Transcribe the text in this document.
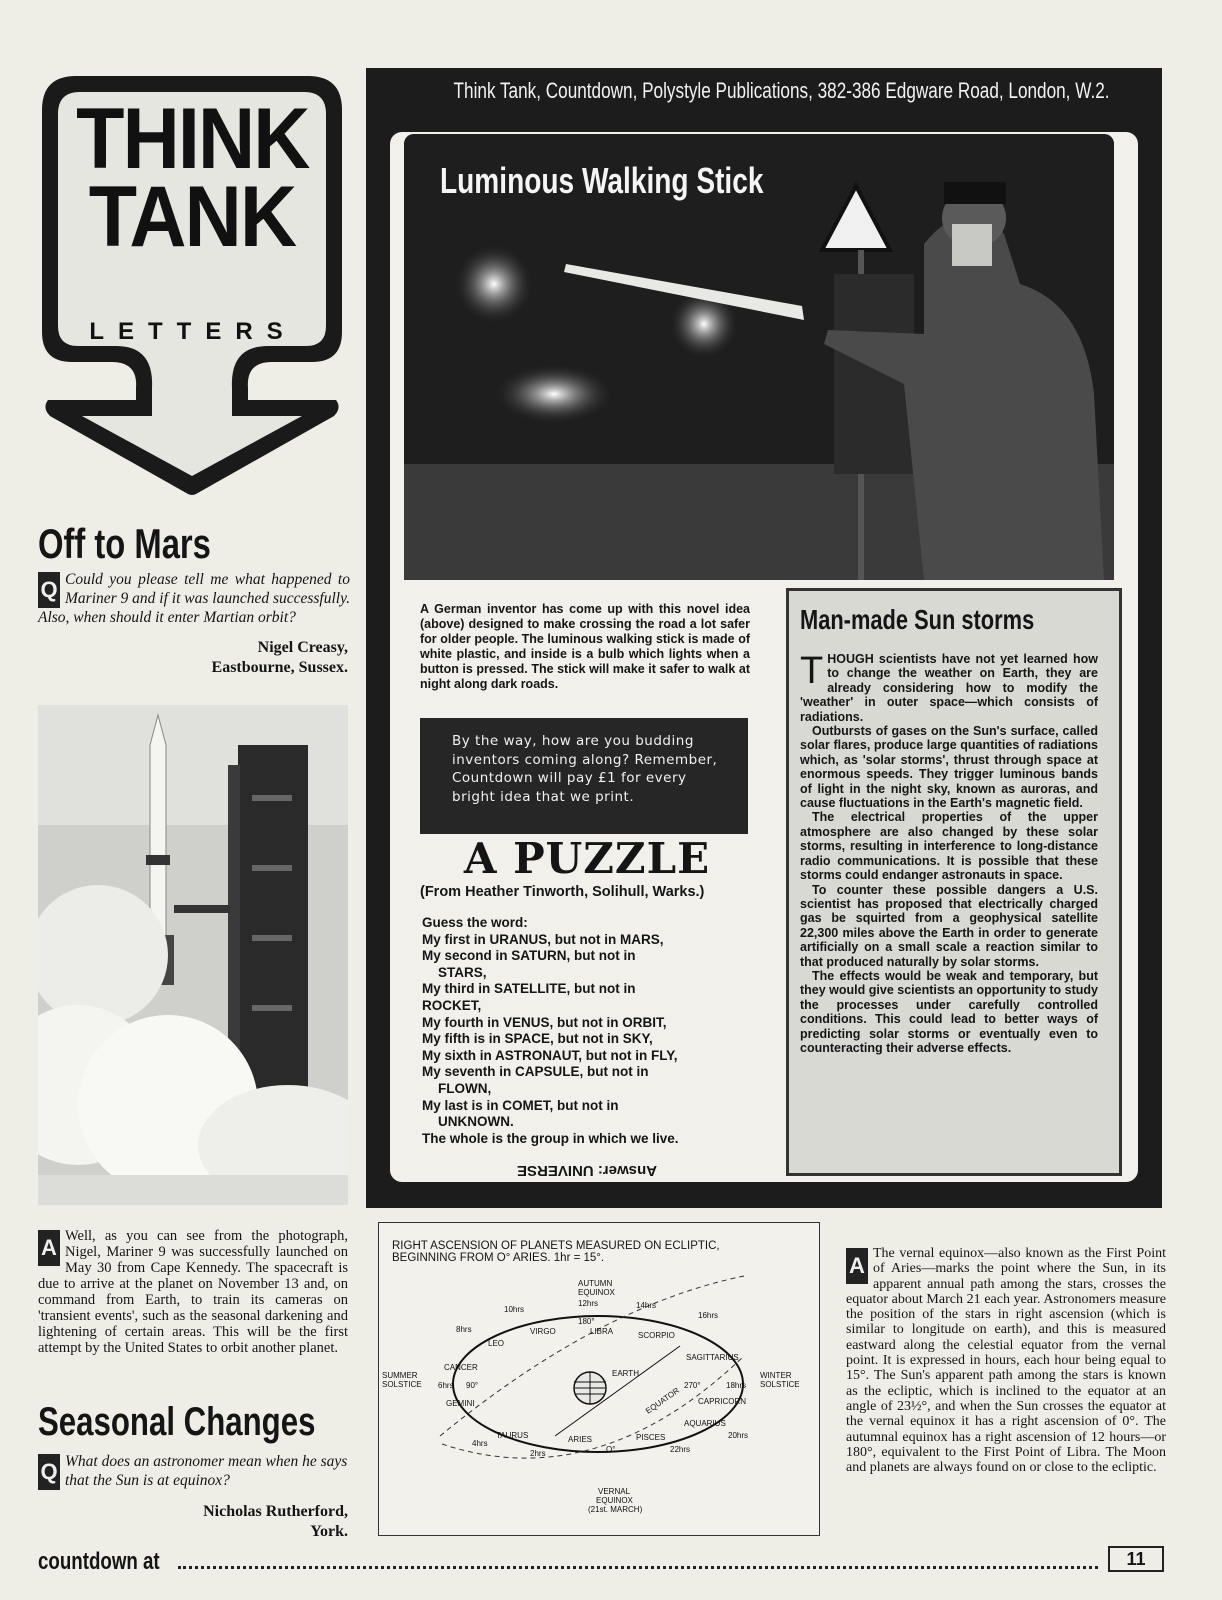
THINK
TANK
LETTERS
Off to Mars
Q Could you please tell me what happened to Mariner 9 and if it was launched successfully. Also, when should it enter Martian orbit?
Nigel Creasy,
Eastbourne, Sussex.
A Well, as you can see from the photograph, Nigel, Mariner 9 was successfully launched on May 30 from Cape Kennedy. The spacecraft is due to arrive at the planet on November 13 and, on command from Earth, to train its cameras on 'transient events', such as the seasonal darkening and lightening of certain areas. This will be the first attempt by the United States to orbit another planet.
Seasonal Changes
Q What does an astronomer mean when he says that the Sun is at equinox?
Nicholas Rutherford,
York.
Think Tank, Countdown, Polystyle Publications, 382-386 Edgware Road, London, W.2.
Luminous Walking Stick
A German inventor has come up with this novel idea (above) designed to make crossing the road a lot safer for older people. The luminous walking stick is made of white plastic, and inside is a bulb which lights when a button is pressed. The stick will make it safer to walk at night along dark roads.
By the way, how are you budding inventors coming along? Remember, Countdown will pay £1 for every bright idea that we print.
A PUZZLE
(From Heather Tinworth, Solihull, Warks.)
Guess the word:
My first in URANUS, but not in MARS,
My second in SATURN, but not in
STARS,
My third in SATELLITE, but not in
ROCKET,
My fourth in VENUS, but not in ORBIT,
My fifth is in SPACE, but not in SKY,
My sixth in ASTRONAUT, but not in FLY,
My seventh in CAPSULE, but not in
FLOWN,
My last is in COMET, but not in
UNKNOWN.
The whole is the group in which we live.
Answer: UNIVERSE
Man-made Sun storms

THOUGH scientists have not yet learned how to change the weather on Earth, they are already considering how to modify the 'weather' in outer space—which consists of radiations.

Outbursts of gases on the Sun's surface, called solar flares, produce large quantities of radiations which, as 'solar storms', thrust through space at enormous speeds. They trigger luminous bands of light in the night sky, known as auroras, and cause fluctuations in the Earth's magnetic field.

The electrical properties of the upper atmosphere are also changed by these solar storms, resulting in interference to long-distance radio communications. It is possible that these storms could endanger astronauts in space.

To counter these possible dangers a U.S. scientist has proposed that electrically charged gas be squirted from a geophysical satellite 22,300 miles above the Earth in order to generate artificially on a small scale a reaction similar to that produced naturally by solar storms.

The effects would be weak and temporary, but they would give scientists an opportunity to study the processes under carefully controlled conditions. This could lead to better ways of predicting solar storms or eventually even to counteracting their adverse effects.

RIGHT ASCENSION OF PLANETS MEASURED ON ECLIPTIC,
BEGINNING FROM O° ARIES. 1hr = 15°.
AUTUMN
EQUINOX
VERNAL
EQUINOX
(21st. MARCH)
SUMMER
SOLSTICE
WINTER
SOLSTICE
EARTH
EQUATOR
O°
90°
180°
270°
12hrs
10hrs	14hrs
16hrs
8hrs
6hrs	18hrs
4hrs
2hrs	22hrs
20hrs
VIRGO	LIBRA	SCORPIO
LEO
CANCER
SAGITTARIUS
GEMINI	CAPRICORN
TAURUS	ARIES	PISCES
AQUARIUS
A The vernal equinox—also known as the First Point of Aries—marks the point where the Sun, in its apparent annual path among the stars, crosses the equator about March 21 each year. Astronomers measure the position of the stars in right ascension (which is similar to longitude on earth), and this is measured eastward along the celestial equator from the vernal point. It is expressed in hours, each hour being equal to 15°. The Sun's apparent path among the stars is known as the ecliptic, which is inclined to the equator at an angle of 23½°, and when the Sun crosses the equator at the vernal equinox it has a right ascension of 0°. The autumnal equinox has a right ascension of 12 hours—or 180°, equivalent to the First Point of Libra. The Moon and planets are always found on or close to the ecliptic.
countdown at	11
